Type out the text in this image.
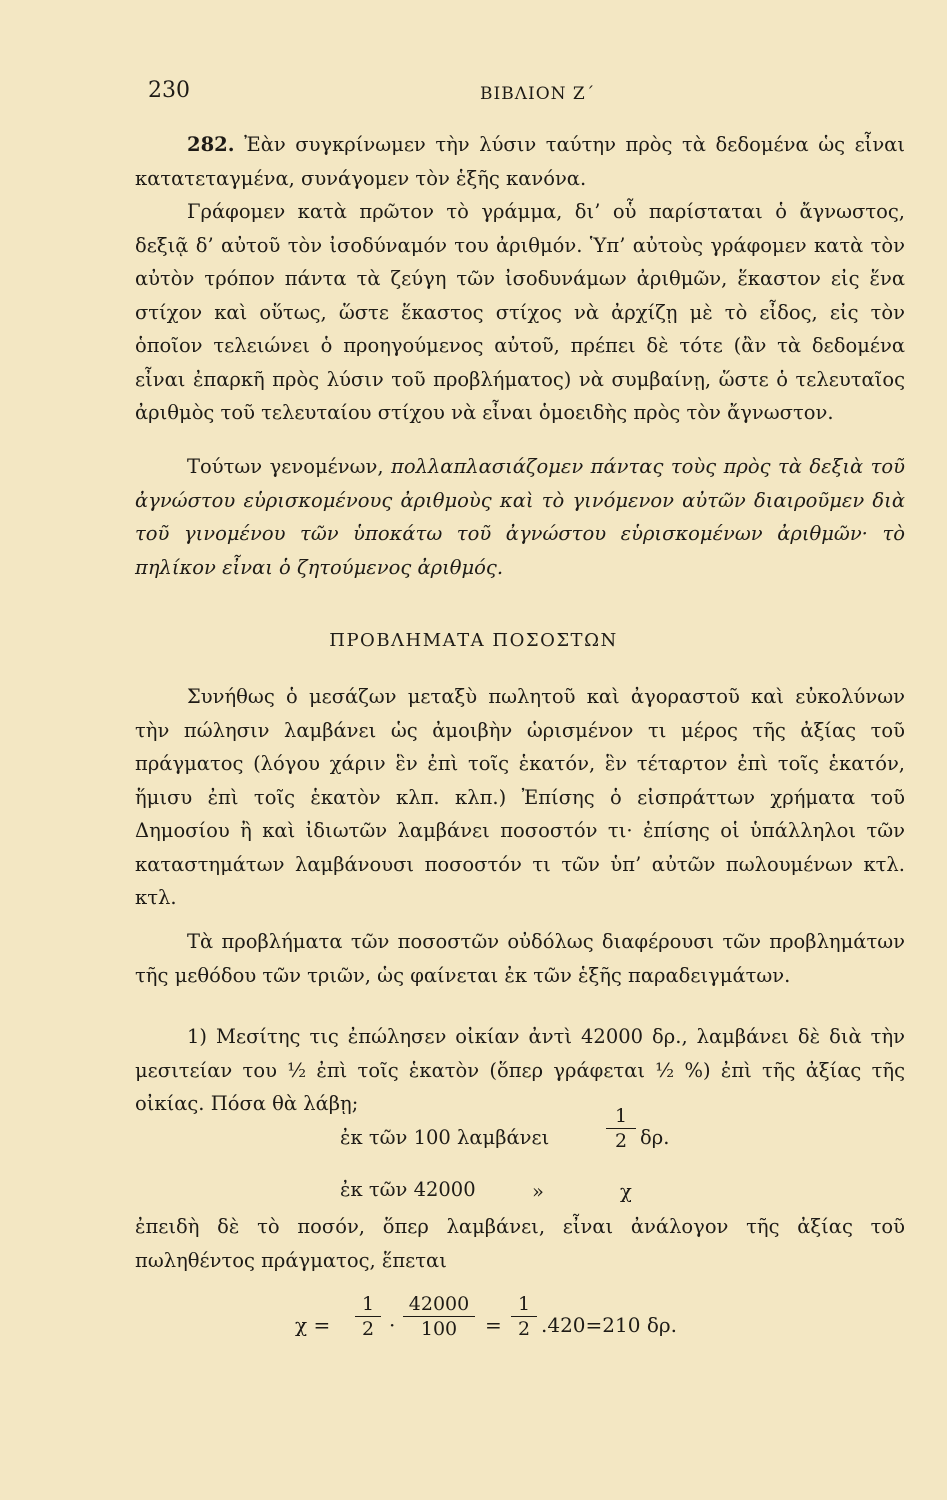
230	ΒΙΒΛΙΟΝ Ζ΄
282. Ἐὰν συγκρίνωμεν τὴν λύσιν ταύτην πρὸς τὰ δεδομένα ὡς εἶναι κατατεταγμένα, συνάγομεν τὸν ἑξῆς κανόνα.
Γράφομεν κατὰ πρῶτον τὸ γράμμα, δι’ οὗ παρίσταται ὁ ἄγνωστος, δεξιᾷ δ’ αὐτοῦ τὸν ἰσοδύναμόν του ἀριθμόν. Ὑπ’ αὐτοὺς γράφομεν κατὰ τὸν αὐτὸν τρόπον πάντα τὰ ζεύγη τῶν ἰσοδυνάμων ἀριθμῶν, ἕκαστον εἰς ἕνα στίχον καὶ οὕτως, ὥστε ἕκαστος στίχος νὰ ἀρχίζῃ μὲ τὸ εἶδος, εἰς τὸν ὁποῖον τελειώνει ὁ προηγούμενος αὐτοῦ, πρέπει δὲ τότε (ἂν τὰ δεδομένα εἶναι ἐπαρκῆ πρὸς λύσιν τοῦ προβλήματος) νὰ συμβαίνῃ, ὥστε ὁ τελευταῖος ἀριθμὸς τοῦ τελευταίου στίχου νὰ εἶναι ὁμοειδὴς πρὸς τὸν ἄγνωστον.
Τούτων γενομένων, πολλαπλασιάζομεν πάντας τοὺς πρὸς τὰ δεξιὰ τοῦ ἀγνώστου εὑρισκομένους ἀριθμοὺς καὶ τὸ γινόμενον αὐτῶν διαιροῦμεν διὰ τοῦ γινομένου τῶν ὑποκάτω τοῦ ἀγνώστου εὑρισκομένων ἀριθμῶν· τὸ πηλίκον εἶναι ὁ ζητούμενος ἀριθμός.
ΠΡΟΒΛΗΜΑΤΑ ΠΟΣΟΣΤΩΝ
Συνήθως ὁ μεσάζων μεταξὺ πωλητοῦ καὶ ἀγοραστοῦ καὶ εὐκολύνων τὴν πώλησιν λαμβάνει ὡς ἀμοιβὴν ὡρισμένον τι μέρος τῆς ἀξίας τοῦ πράγματος (λόγου χάριν ἓν ἐπὶ τοῖς ἑκατόν, ἓν τέταρτον ἐπὶ τοῖς ἑκατόν, ἥμισυ ἐπὶ τοῖς ἑκατὸν κλπ. κλπ.) Ἐπίσης ὁ εἰσπράττων χρήματα τοῦ Δημοσίου ἢ καὶ ἰδιωτῶν λαμβάνει ποσοστόν τι· ἐπίσης οἱ ὑπάλληλοι τῶν καταστημάτων λαμβάνουσι ποσοστόν τι τῶν ὑπ’ αὐτῶν πωλουμένων κτλ. κτλ.
Τὰ προβλήματα τῶν ποσοστῶν οὐδόλως διαφέρουσι τῶν προβλημάτων τῆς μεθόδου τῶν τριῶν, ὡς φαίνεται ἐκ τῶν ἑξῆς παραδειγμάτων.
1) Μεσίτης τις ἐπώλησεν οἰκίαν ἀντὶ 42000 δρ., λαμβάνει δὲ διὰ τὴν μεσιτείαν του ½ ἐπὶ τοῖς ἑκατὸν (ὅπερ γράφεται ½ %) ἐπὶ τῆς ἀξίας τῆς οἰκίας. Πόσα θὰ λάβῃ;
ἐκ τῶν 100 λαμβάνει	$\frac{1}{2} \delta\rho$.
ἐκ τῶν 42000	»	χ
ἐπειδὴ δὲ τὸ ποσόν, ὅπερ λαμβάνει, εἶναι ἀνάλογον τῆς ἀξίας τοῦ πωληθέντος πράγματος, ἕπεται
$\chi = \frac{1}{2} \cdot \frac{42000}{100} = \frac{1}{2} .420=210$ δρ.
